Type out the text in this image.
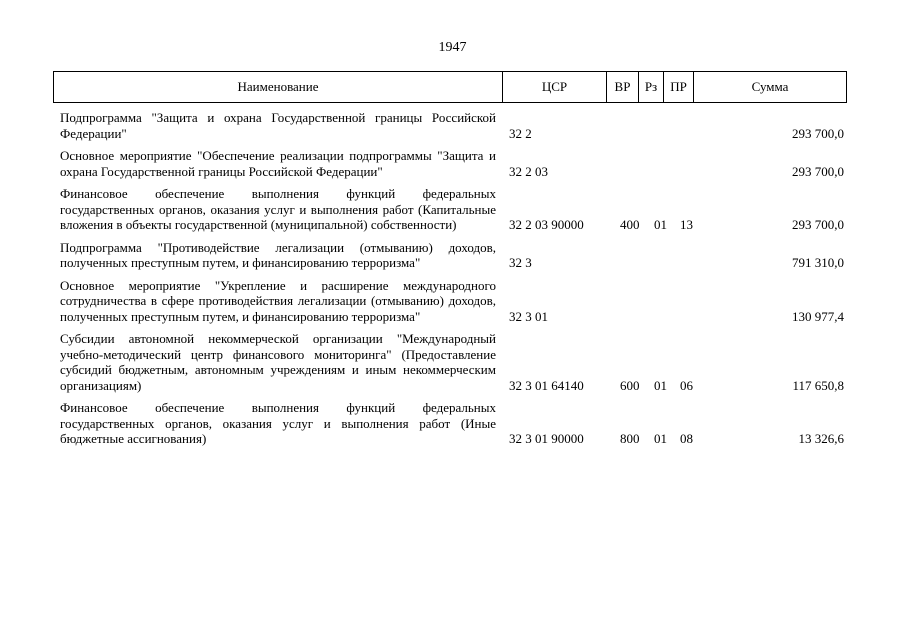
1947
Наименование	ЦСР	ВР	Рз	ПР	Сумма
Подпрограмма "Защита и охрана Государственной границы Российской Федерации"	32 2	293 700,0
Основное мероприятие "Обеспечение реализации подпрограммы "Защита и охрана Государственной границы Российской Федерации"	32 2 03	293 700,0
Финансовое обеспечение выполнения функций федеральных государственных органов, оказания услуг и выполнения работ (Капитальные вложения в объекты государственной (муниципальной) собственности)	32 2 03 90000	400 01 13	293 700,0
Подпрограмма "Противодействие легализации (отмыванию) доходов, полученных преступным путем, и финансированию терроризма"	32 3	791 310,0
Основное мероприятие "Укрепление и расширение международного сотрудничества в сфере противодействия легализации (отмыванию) доходов, полученных преступным путем, и финансированию терроризма"	32 3 01	130 977,4
Субсидии автономной некоммерческой организации "Международный учебно-методический центр финансового мониторинга" (Предоставление субсидий бюджетным, автономным учреждениям и иным некоммерческим организациям)	32 3 01 64140	600 01 06	117 650,8
Финансовое обеспечение выполнения функций федеральных государственных органов, оказания услуг и выполнения работ (Иные бюджетные ассигнования)	32 3 01 90000	800 01 08	13 326,6
